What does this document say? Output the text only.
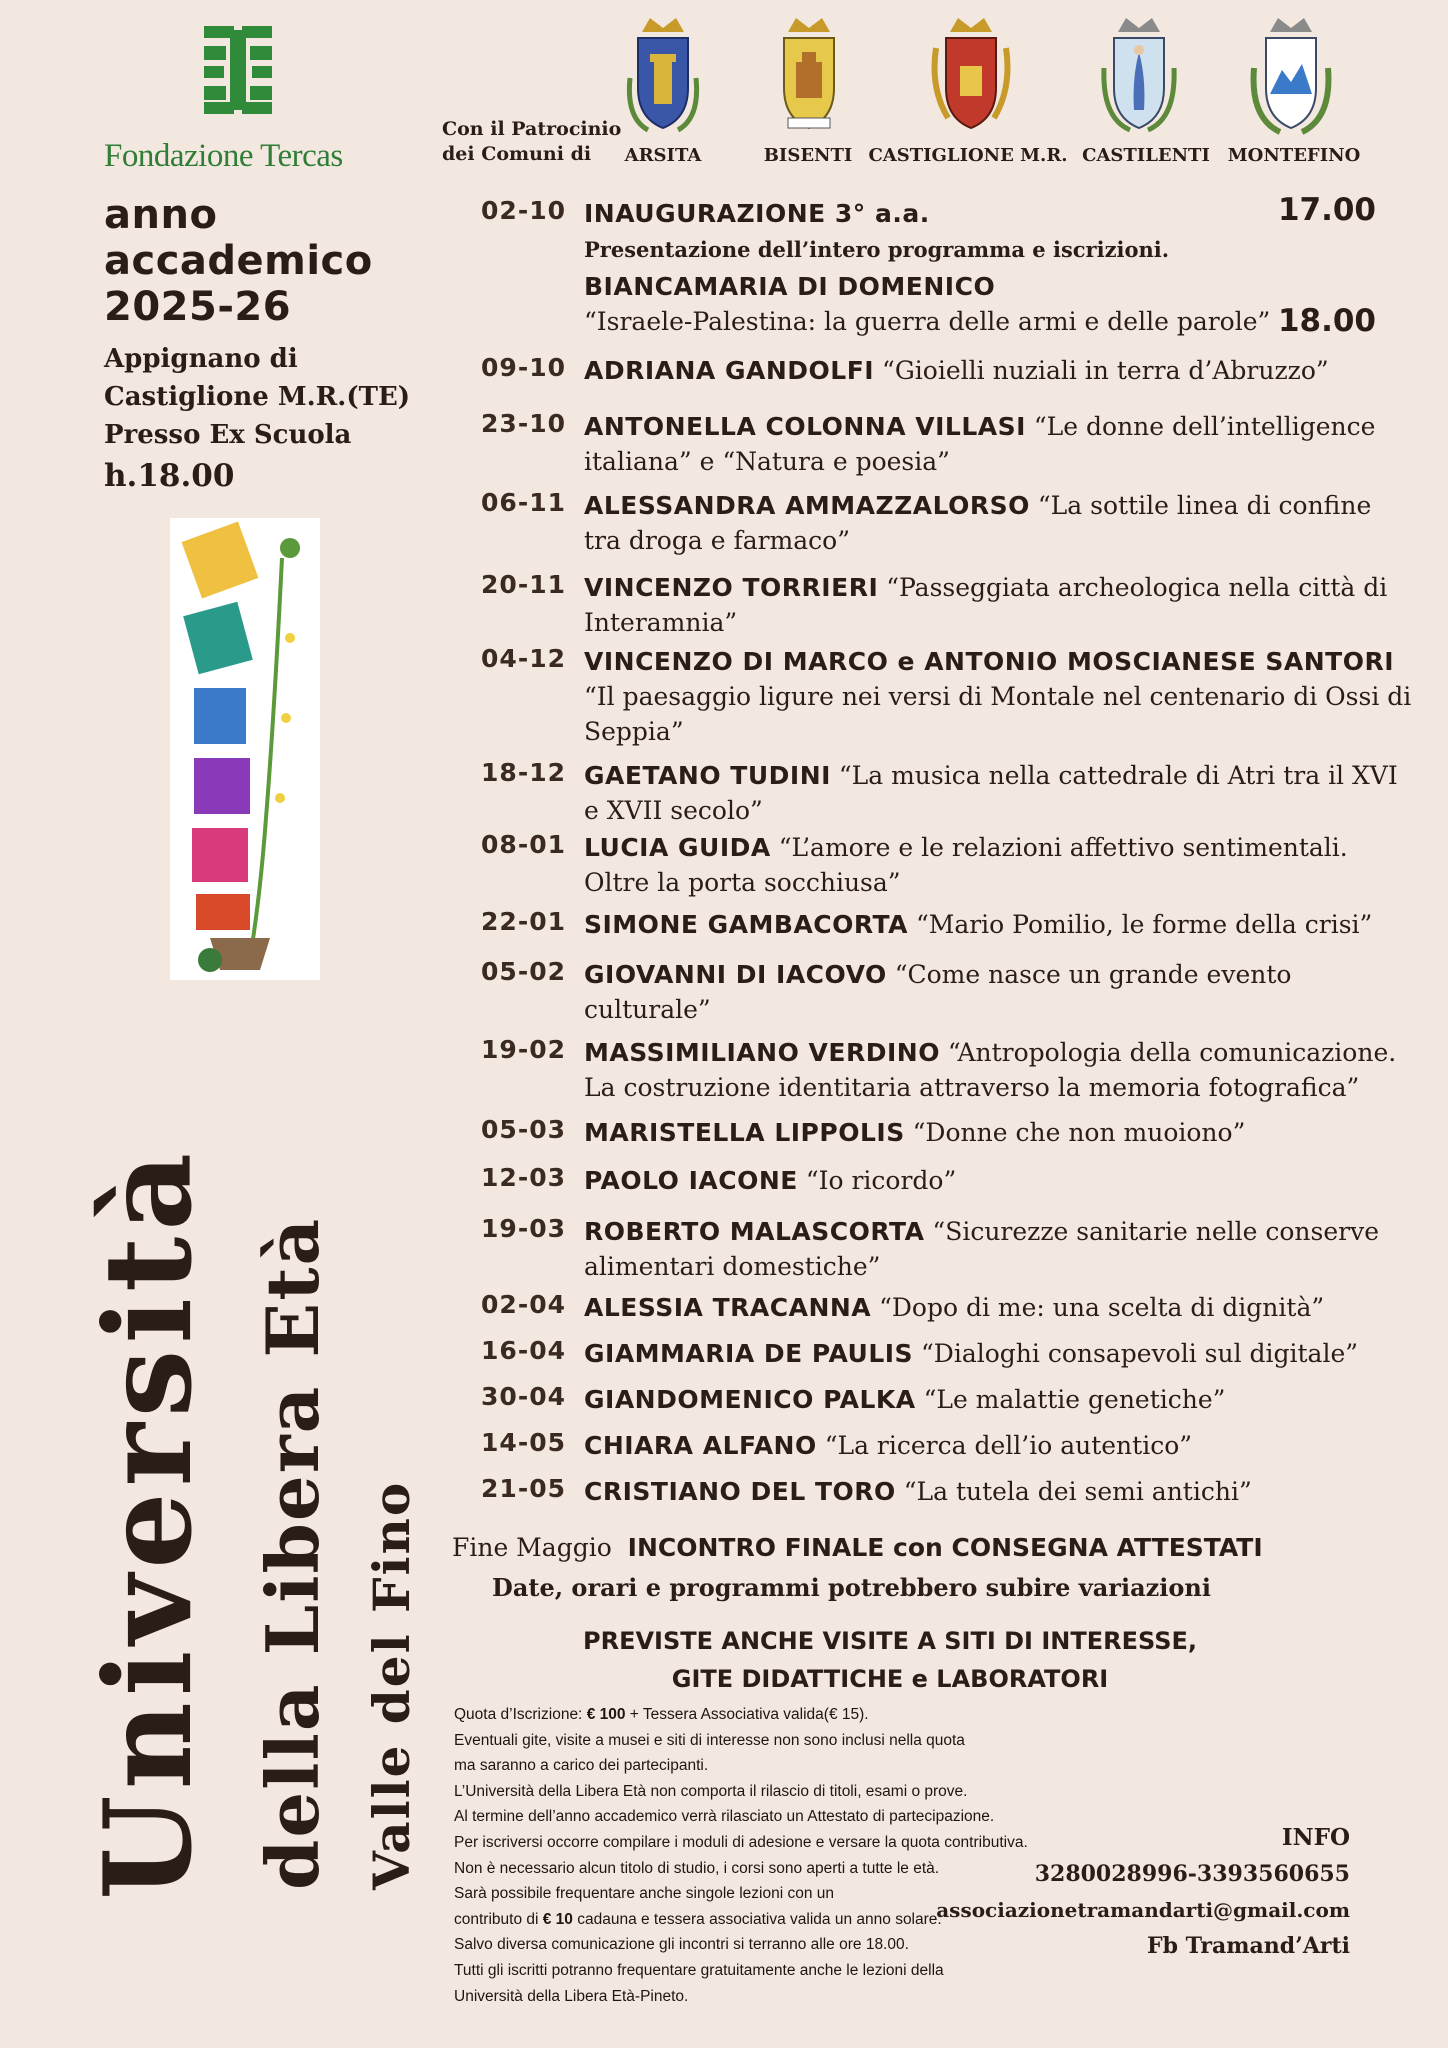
Fondazione Tercas
Con il Patrocinio
dei Comuni di	ARSITA	BISENTI CASTIGLIONE M.R. CASTILENTI MONTEFINO
anno
accademico
2025-26
Appignano di
Castiglione M.R.(TE)
Presso Ex Scuola
h.18.00
Università della Libera Età Valle del Fino
02-10 INAUGURAZIONE 3° a.a.
Presentazione dell’intero programma e iscrizioni.
17.00
BIANCAMARIA DI DOMENICO
“Israele-Palestina: la guerra delle armi e delle parole” 18.00
09-10 ADRIANA GANDOLFI “Gioielli nuziali in terra d’Abruzzo”
23-10 ANTONELLA COLONNA VILLASI “Le donne dell’intelligence italiana” e “Natura e poesia”
06-11 ALESSANDRA AMMAZZALORSO “La sottile linea di confine tra droga e farmaco”
20-11 VINCENZO TORRIERI “Passeggiata archeologica nella città di Interamnia”
04-12 VINCENZO DI MARCO e ANTONIO MOSCIANESE SANTORI “Il paesaggio ligure nei versi di Montale nel centenario di Ossi di Seppia”
18-12 GAETANO TUDINI “La musica nella cattedrale di Atri tra il XVI e XVII secolo”
08-01 LUCIA GUIDA “L’amore e le relazioni affettivo sentimentali. Oltre la porta socchiusa”
22-01 SIMONE GAMBACORTA “Mario Pomilio, le forme della crisi”
05-02 GIOVANNI DI IACOVO “Come nasce un grande evento culturale”
19-02 MASSIMILIANO VERDINO “Antropologia della comunicazione. La costruzione identitaria attraverso la memoria fotografica”
05-03 MARISTELLA LIPPOLIS “Donne che non muoiono”
12-03 PAOLO IACONE “Io ricordo”
19-03 ROBERTO MALASCORTA “Sicurezze sanitarie nelle conserve alimentari domestiche”
02-04 ALESSIA TRACANNA “Dopo di me: una scelta di dignità”
16-04 GIAMMARIA DE PAULIS “Dialoghi consapevoli sul digitale”
30-04 GIANDOMENICO PALKA “Le malattie genetiche”
14-05 CHIARA ALFANO “La ricerca dell’io autentico”
21-05 CRISTIANO DEL TORO “La tutela dei semi antichi”
Fine Maggio INCONTRO FINALE con CONSEGNA ATTESTATI
Date, orari e programmi potrebbero subire variazioni
PREVISTE ANCHE VISITE A SITI DI INTERESSE,
GITE DIDATTICHE e LABORATORI

Quota d’Iscrizione: € 100 + Tessera Associativa valida(€ 15).

Eventuali gite, visite a musei e siti di interesse non sono inclusi nella quota

ma saranno a carico dei partecipanti.

L’Università della Libera Età non comporta il rilascio di titoli, esami o prove.

Al termine dell’anno accademico verrà rilasciato un Attestato di partecipazione.

Per iscriversi occorre compilare i moduli di adesione e versare la quota contributiva.

Non è necessario alcun titolo di studio, i corsi sono aperti a tutte le età.

Sarà possibile frequentare anche singole lezioni con un

contributo di € 10 cadauna e tessera associativa valida un anno solare.

Salvo diversa comunicazione gli incontri si terranno alle ore 18.00.

Tutti gli iscritti potranno frequentare gratuitamente anche le lezioni della

Università della Libera Età-Pineto.

INFO
3280028996-3393560655
associazionetramandarti@gmail.com
Fb Tramand’Arti
